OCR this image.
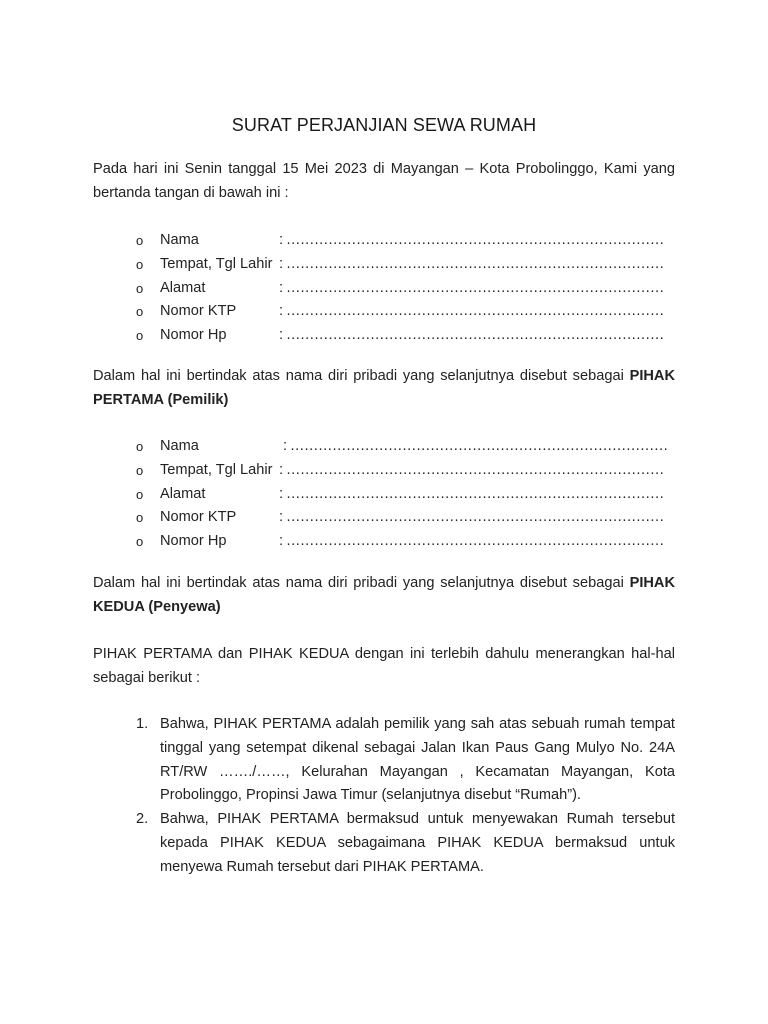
SURAT PERJANJIAN SEWA RUMAH

Pada hari ini Senin tanggal 15 Mei 2023 di Mayangan – Kota Probolinggo, Kami yang bertanda tangan di bawah ini :

o Nama	: ………………………………………………………………………
o Tempat, Tgl Lahir : ………………………………………………………………………
o Alamat	: ………………………………………………………………………
o Nomor KTP	: ………………………………………………………………………
o Nomor Hp	: ………………………………………………………………………

Dalam hal ini bertindak atas nama diri pribadi yang selanjutnya disebut sebagai PIHAK PERTAMA (Pemilik)

o Nama	: ………………………………………………………………………
o Tempat, Tgl Lahir : ………………………………………………………………………
o Alamat	: ………………………………………………………………………
o Nomor KTP	: ………………………………………………………………………
o Nomor Hp	: ………………………………………………………………………

Dalam hal ini bertindak atas nama diri pribadi yang selanjutnya disebut sebagai PIHAK KEDUA (Penyewa)

PIHAK PERTAMA dan PIHAK KEDUA dengan ini terlebih dahulu menerangkan hal-hal sebagai berikut :

1. Bahwa, PIHAK PERTAMA adalah pemilik yang sah atas sebuah rumah tempat tinggal yang setempat dikenal sebagai Jalan Ikan Paus Gang Mulyo No. 24A RT/RW ……./……, Kelurahan Mayangan , Kecamatan Mayangan, Kota Probolinggo, Propinsi Jawa Timur (selanjutnya disebut “Rumah”).
2. Bahwa, PIHAK PERTAMA bermaksud untuk menyewakan Rumah tersebut kepada PIHAK KEDUA sebagaimana PIHAK KEDUA bermaksud untuk menyewa Rumah tersebut dari PIHAK PERTAMA.
